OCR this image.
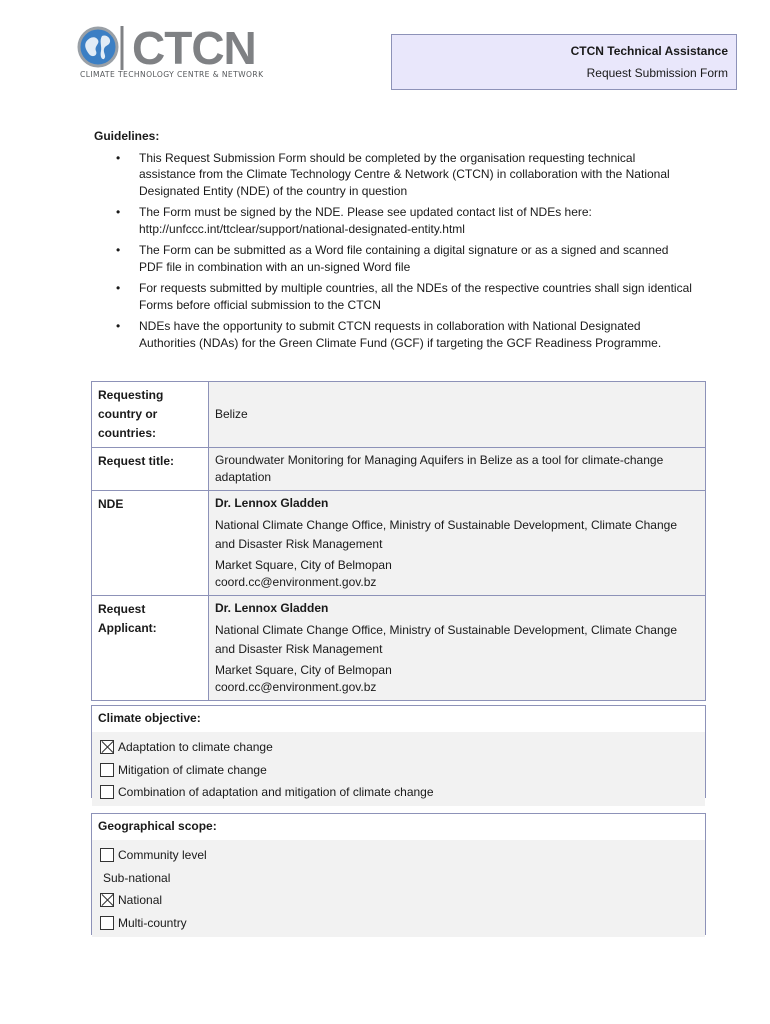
CTCN
CLIMATE TECHNOLOGY CENTRE & NETWORK
CTCN Technical Assistance
Request Submission Form
Guidelines:
• This Request Submission Form should be completed by the organisation requesting technical assistance from the Climate Technology Centre & Network (CTCN) in collaboration with the National Designated Entity (NDE) of the country in question
• The Form must be signed by the NDE. Please see updated contact list of NDEs here: http://unfccc.int/ttclear/support/national-designated-entity.html
• The Form can be submitted as a Word file containing a digital signature or as a signed and scanned PDF file in combination with an un-signed Word file
• For requests submitted by multiple countries, all the NDEs of the respective countries shall sign identical Forms before official submission to the CTCN
• NDEs have the opportunity to submit CTCN requests in collaboration with National Designated Authorities (NDAs) for the Green Climate Fund (GCF) if targeting the GCF Readiness Programme.
Requesting country or countries:	Belize
Request title:	Groundwater Monitoring for Managing Aquifers in Belize as a tool for climate-change adaptation
NDE	Dr. Lennox Gladden
National Climate Change Office, Ministry of Sustainable Development, Climate Change and Disaster Risk Management
Market Square, City of Belmopan
coord.cc@environment.gov.bz

Request Applicant:	Dr. Lennox Gladden
National Climate Change Office, Ministry of Sustainable Development, Climate Change and Disaster Risk Management
Market Square, City of Belmopan
coord.cc@environment.gov.bz
Climate objective:
Adaptation to climate change
Mitigation of climate change
Combination of adaptation and mitigation of climate change
Geographical scope:
Community level
Sub-national
National
Multi-country
